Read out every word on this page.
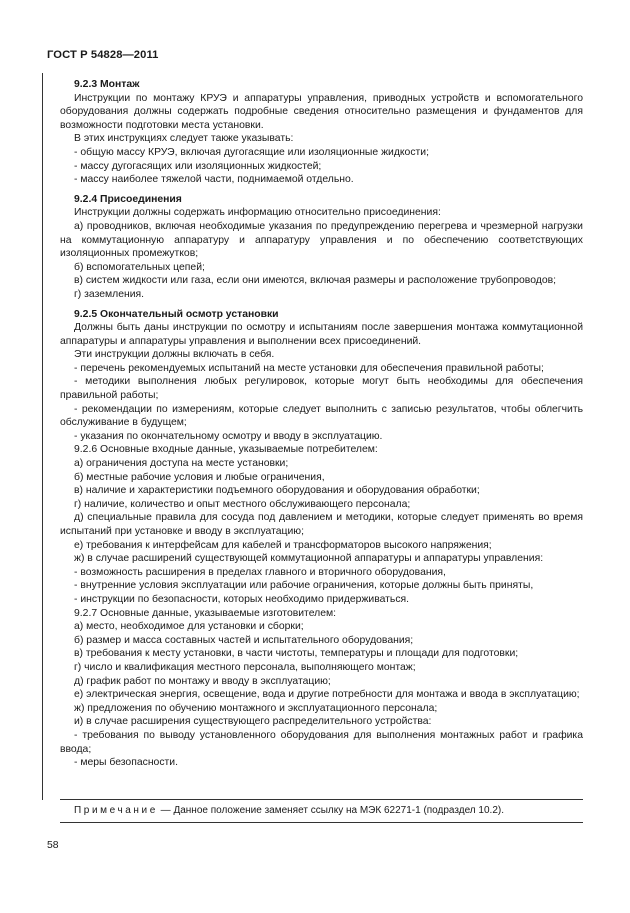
ГОСТ Р 54828—2011
9.2.3 Монтаж

Инструкции по монтажу КРУЭ и аппаратуры управления, приводных устройств и вспомогательного оборудования должны содержать подробные сведения относительно размещения и фундаментов для возможности подготовки места установки.

В этих инструкциях следует также указывать:

- общую массу КРУЭ, включая дугогасящие или изоляционные жидкости;

- массу дугогасящих или изоляционных жидкостей;

- массу наиболее тяжелой части, поднимаемой отдельно.

9.2.4 Присоединения

Инструкции должны содержать информацию относительно присоединения:

а) проводников, включая необходимые указания по предупреждению перегрева и чрезмерной нагрузки на коммутационную аппаратуру и аппаратуру управления и по обеспечению соответствующих изоляционных промежутков;

б) вспомогательных цепей;

в) систем жидкости или газа, если они имеются, включая размеры и расположение трубопроводов;

г) заземления.

9.2.5 Окончательный осмотр установки

Должны быть даны инструкции по осмотру и испытаниям после завершения монтажа коммутационной аппаратуры и аппаратуры управления и выполнении всех присоединений.

Эти инструкции должны включать в себя.

- перечень рекомендуемых испытаний на месте установки для обеспечения правильной работы;

- методики выполнения любых регулировок, которые могут быть необходимы для обеспечения правильной работы;

- рекомендации по измерениям, которые следует выполнить с записью результатов, чтобы облегчить обслуживание в будущем;

- указания по окончательному осмотру и вводу в эксплуатацию.

9.2.6 Основные входные данные, указываемые потребителем:

а) ограничения доступа на месте установки;

б) местные рабочие условия и любые ограничения,

в) наличие и характеристики подъемного оборудования и оборудования обработки;

г) наличие, количество и опыт местного обслуживающего персонала;

д) специальные правила для сосуда под давлением и методики, которые следует применять во время испытаний при установке и вводу в эксплуатацию;

е) требования к интерфейсам для кабелей и трансформаторов высокого напряжения;

ж) в случае расширений существующей коммутационной аппаратуры и аппаратуры управления:

- возможность расширения в пределах главного и вторичного оборудования,

- внутренние условия эксплуатации или рабочие ограничения, которые должны быть приняты,

- инструкции по безопасности, которых необходимо придерживаться.

9.2.7 Основные данные, указываемые изготовителем:

а) место, необходимое для установки и сборки;

б) размер и масса составных частей и испытательного оборудования;

в) требования к месту установки, в части чистоты, температуры и площади для подготовки;

г) число и квалификация местного персонала, выполняющего монтаж;

д) график работ по монтажу и вводу в эксплуатацию;

е) электрическая энергия, освещение, вода и другие потребности для монтажа и ввода в эксплуатацию;

ж) предложения по обучению монтажного и эксплуатационного персонала;

и) в случае расширения существующего распределительного устройства:

- требования по выводу установленного оборудования для выполнения монтажных работ и графика ввода;

- меры безопасности.

Примечание — Данное положение заменяет ссылку на МЭК 62271-1 (подраздел 10.2).
58
